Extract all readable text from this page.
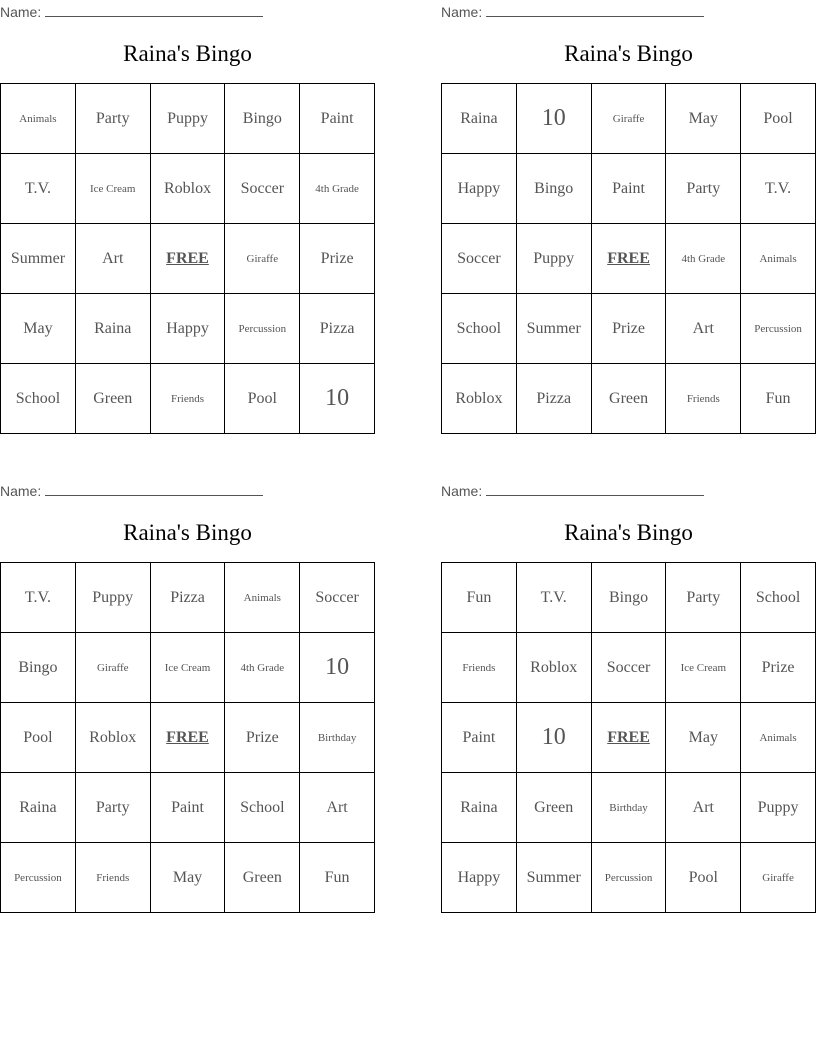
Name:
Raina's Bingo
Animals	Party	Puppy	Bingo	Paint
T.V.	Ice Cream	Roblox	Soccer	4th Grade
Summer	Art	FREE	Giraffe	Prize
May	Raina	Happy	Percussion	Pizza
School	Green	Friends	Pool	10
Name:
Raina's Bingo
Raina	10	Giraffe	May	Pool
Happy	Bingo	Paint	Party	T.V.
Soccer	Puppy	FREE	4th Grade	Animals
School	Summer	Prize	Art	Percussion
Roblox	Pizza	Green	Friends	Fun
Name:
Raina's Bingo
T.V.	Puppy	Pizza	Animals	Soccer
Bingo	Giraffe	Ice Cream	4th Grade	10
Pool	Roblox	FREE	Prize	Birthday
Raina	Party	Paint	School	Art
Percussion	Friends	May	Green	Fun
Name:
Raina's Bingo
Fun	T.V.	Bingo	Party	School
Friends	Roblox	Soccer	Ice Cream	Prize
Paint	10	FREE	May	Animals
Raina	Green	Birthday	Art	Puppy
Happy	Summer	Percussion	Pool	Giraffe
